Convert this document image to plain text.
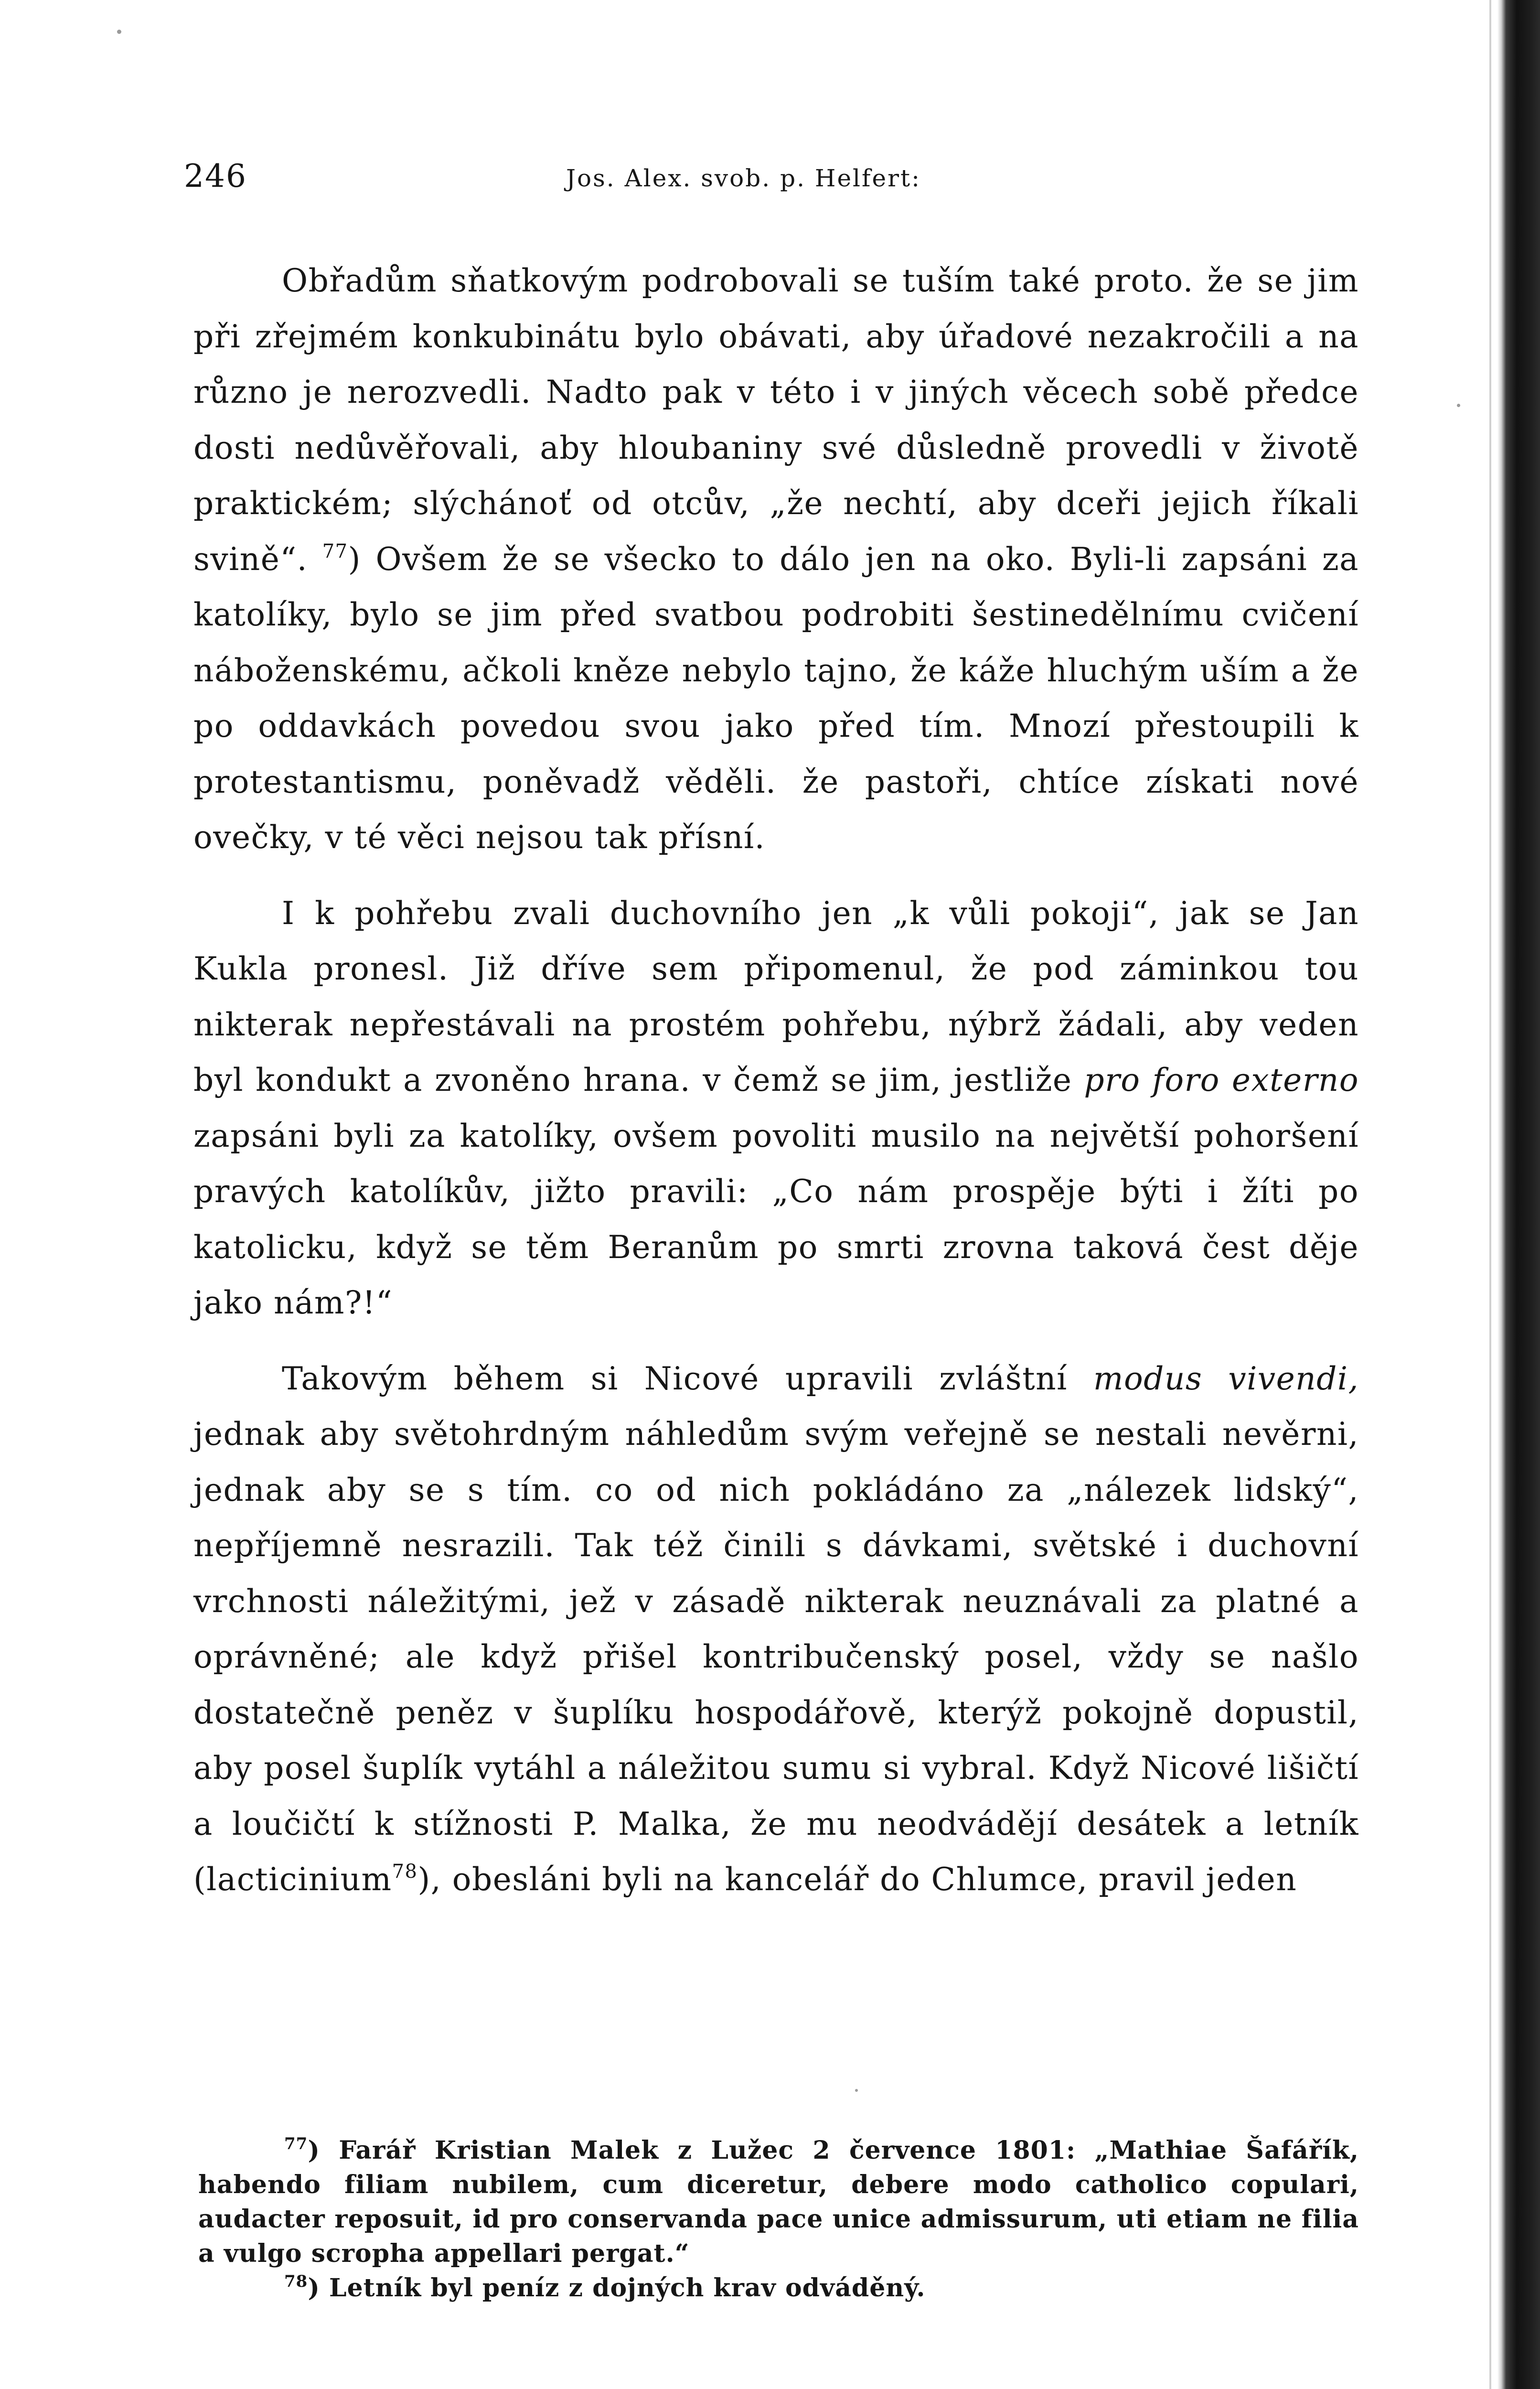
246	Jos. Alex. svob. p. Helfert:

Obřadům sňatkovým podrobovali se tuším také proto. že se jim při zřejmém konkubinátu bylo obávati, aby úřadové nezakročili a na různo je nerozvedli. Nadto pak v této i v jiných věcech sobě předce dosti nedůvěřovali, aby hloubaniny své důsledně provedli v životě praktickém; slýchánoť od otcův, „že nechtí, aby dceři jejich říkali svině“. $^{77}$) Ovšem že se všecko to dálo jen na oko. Byli-li zapsáni za katolíky, bylo se jim před svatbou podrobiti šestinedělnímu cvičení náboženskému, ačkoli kněze nebylo tajno, že káže hluchým uším a že po oddavkách povedou svou jako před tím. Mnozí přestoupili k protestantismu, poněvadž věděli. že pastoři, chtíce získati nové ovečky, v té věci nejsou tak přísní.

I k pohřebu zvali duchovního jen „k vůli pokoji“, jak se Jan Kukla pronesl. Již dříve sem připomenul, že pod záminkou tou nikterak nepřestávali na prostém pohřebu, nýbrž žádali, aby veden byl kondukt a zvoněno hrana. v čemž se jim, jestliže pro foro externo zapsáni byli za katolíky, ovšem povoliti musilo na největší pohoršení pravých katolíkův, jižto pravili: „Co nám prospěje býti i žíti po katolicku, když se těm Beranům po smrti zrovna taková čest děje jako nám?!“

Takovým během si Nicové upravili zvláštní modus vivendi, jednak aby světohrdným náhledům svým veřejně se nestali nevěrni, jednak aby se s tím. co od nich pokládáno za „nálezek lidský“, nepříjemně nesrazili. Tak též činili s dávkami, světské i duchovní vrchnosti náležitými, jež v zásadě nikterak neuznávali za platné a oprávněné; ale když přišel kontribučenský posel, vždy se našlo dostatečně peněz v šuplíku hospodářově, kterýž pokojně dopustil, aby posel šuplík vytáhl a náležitou sumu si vybral. Když Nicové lišičtí a loučičtí k stížnosti P. Malka, že mu neodvádějí desátek a letník (lacticinium$^{78}$), obesláni byli na kancelář do Chlumce, pravil jeden

$^{77}$) Farář Kristian Malek z Lužec 2 července 1801: „Mathiae Šafářík, habendo filiam nubilem, cum diceretur, debere modo catholico copulari, audacter reposuit, id pro conservanda pace unice admissurum, uti etiam ne filia a vulgo scropha appellari pergat.“

$^{78}$) Letník byl peníz z dojných krav odváděný.
